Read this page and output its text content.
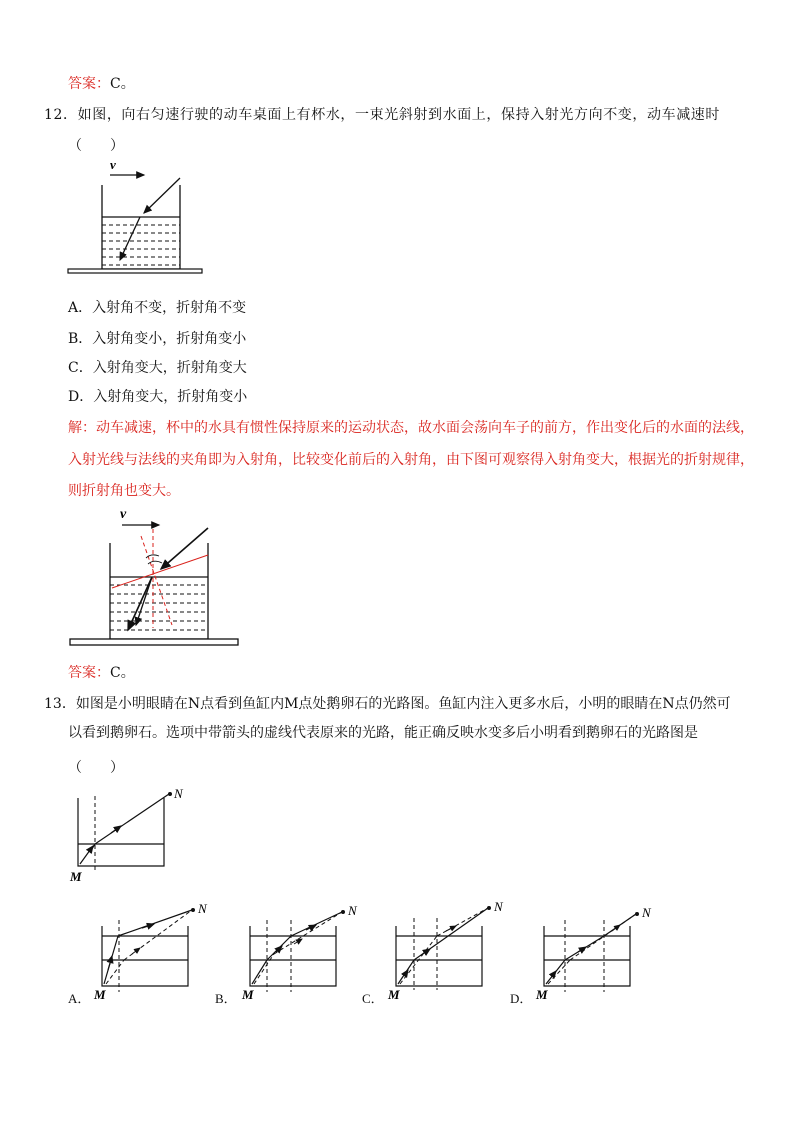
答案：C。
12．如图，向右匀速行驶的动车桌面上有杯水，一束光斜射到水面上，保持入射光方向不变，动车减速时
（　　）
v
A．入射角不变，折射角不变
B．入射角变小，折射角变小
C．入射角变大，折射角变大
D．入射角变大，折射角变小
解：动车减速，杯中的水具有惯性保持原来的运动状态，故水面会荡向车子的前方，作出变化后的水面的法线，
入射光线与法线的夹角即为入射角，比较变化前后的入射角，由下图可观察得入射角变大，根据光的折射规律，
则折射角也变大。
v
答案：C。
13．如图是小明眼睛在N点看到鱼缸内M点处鹅卵石的光路图。鱼缸内注入更多水后，小明的眼睛在N点仍然可
以看到鹅卵石。选项中带箭头的虚线代表原来的光路，能正确反映水变多后小明看到鹅卵石的光路图是
（　　）
N
M
A．
N
M	B．
N
M	C．
N
M	D．
N
M
